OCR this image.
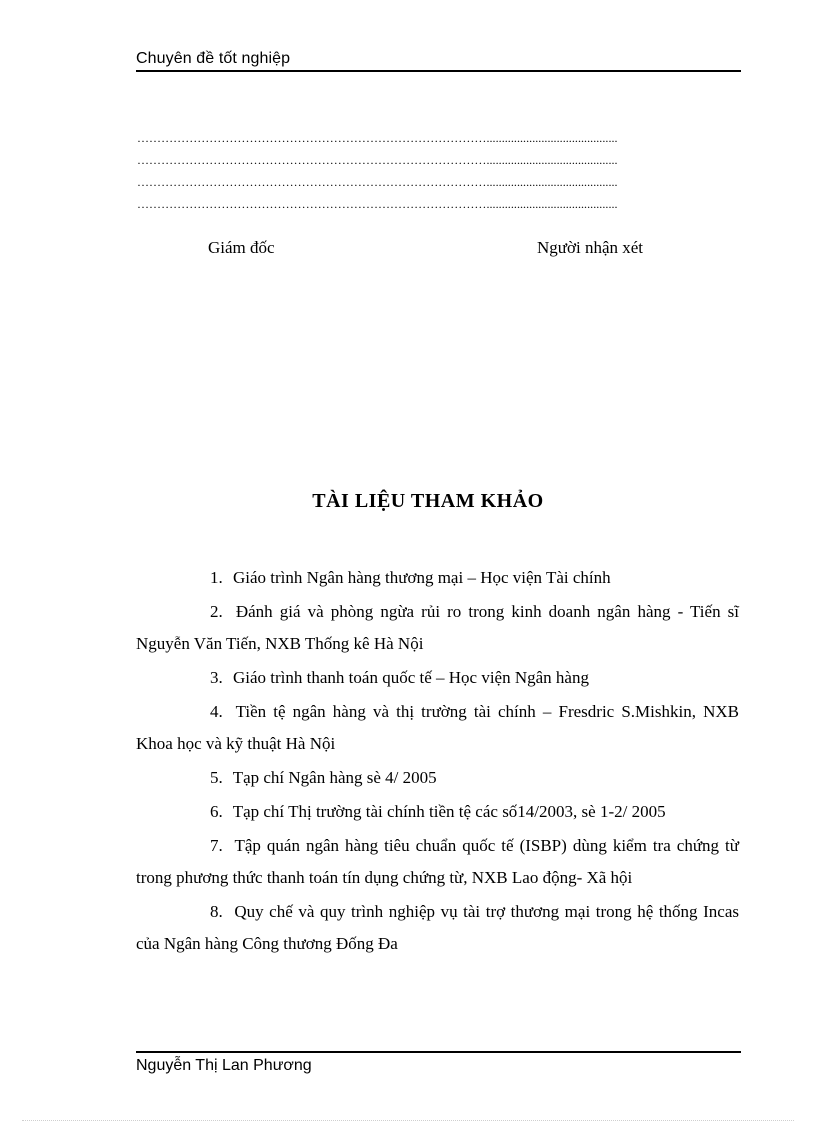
Chuyên đề tốt nghiệp
……………………………………………………………………………...........................................
……………………………………………………………………………...........................................
……………………………………………………………………………...........................................
……………………………………………………………………………...........................................
Giám đốc	Người nhận xét
TÀI LIỆU THAM KHẢO
1. Giáo trình Ngân hàng thương mại – Học viện Tài chính
2. Đánh giá và phòng ngừa rủi ro trong kinh doanh ngân hàng - Tiến sĩ Nguyễn Văn Tiến, NXB Thống kê Hà Nội
3. Giáo trình thanh toán quốc tế – Học viện Ngân hàng
4. Tiền tệ ngân hàng và thị trường tài chính – Fresdric S.Mishkin, NXB Khoa học và kỹ thuật Hà Nội
5. Tạp chí Ngân hàng sè 4/ 2005
6. Tạp chí Thị trường tài chính tiền tệ các số14/2003, sè 1-2/ 2005
7. Tập quán ngân hàng tiêu chuẩn quốc tế (ISBP) dùng kiểm tra chứng từ trong phương thức thanh toán tín dụng chứng từ, NXB Lao động- Xã hội
8. Quy chế và quy trình nghiệp vụ tài trợ thương mại trong hệ thống Incas của Ngân hàng Công thương Đống Đa
Nguyễn Thị Lan Phương
